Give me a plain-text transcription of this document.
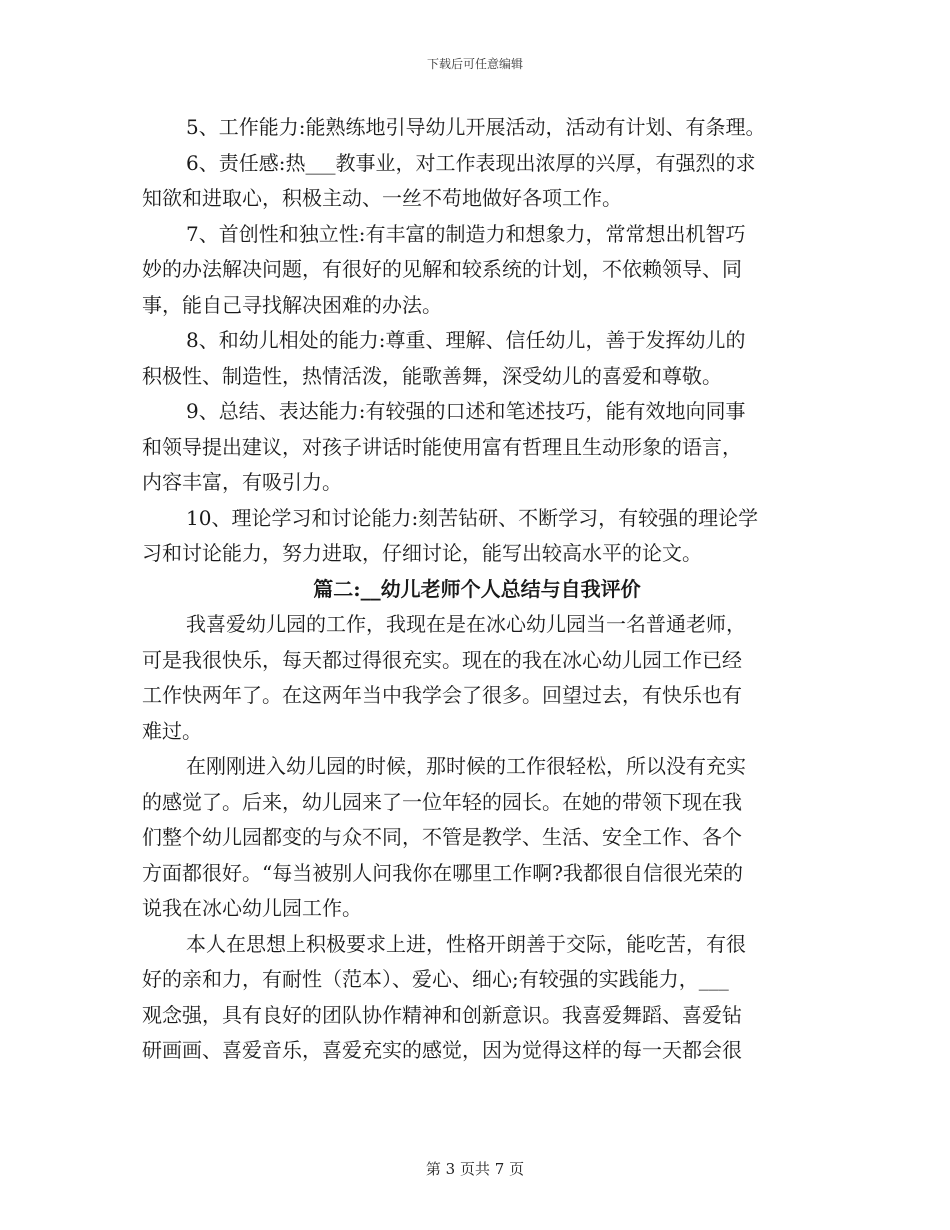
下载后可任意编辑
5、工作能力:能熟练地引导幼儿开展活动，活动有计划、有条理。
6、责任感:热___教事业，对工作表现出浓厚的兴厚，有强烈的求
知欲和进取心，积极主动、一丝不苟地做好各项工作。
7、首创性和独立性:有丰富的制造力和想象力，常常想出机智巧
妙的办法解决问题，有很好的见解和较系统的计划，不依赖领导、同
事，能自己寻找解决困难的办法。
8、和幼儿相处的能力:尊重、理解、信任幼儿，善于发挥幼儿的
积极性、制造性，热情活泼，能歌善舞，深受幼儿的喜爱和尊敬。
9、总结、表达能力:有较强的口述和笔述技巧，能有效地向同事
和领导提出建议，对孩子讲话时能使用富有哲理且生动形象的语言，
内容丰富，有吸引力。
10、理论学习和讨论能力:刻苦钻研、不断学习，有较强的理论学
习和讨论能力，努力进取，仔细讨论，能写出较高水平的论文。
篇二:__幼儿老师个人总结与自我评价
我喜爱幼儿园的工作，我现在是在冰心幼儿园当一名普通老师，
可是我很快乐，每天都过得很充实。现在的我在冰心幼儿园工作已经
工作快两年了。在这两年当中我学会了很多。回望过去，有快乐也有
难过。
在刚刚进入幼儿园的时候，那时候的工作很轻松，所以没有充实
的感觉了。后来，幼儿园来了一位年轻的园长。在她的带领下现在我
们整个幼儿园都变的与众不同，不管是教学、生活、安全工作、各个
方面都很好。“每当被别人问我你在哪里工作啊?我都很自信很光荣的
说我在冰心幼儿园工作。
本人在思想上积极要求上进，性格开朗善于交际，能吃苦，有很
好的亲和力，有耐性（范本）、爱心、细心;有较强的实践能力，___
观念强，具有良好的团队协作精神和创新意识。我喜爱舞蹈、喜爱钻
研画画、喜爱音乐，喜爱充实的感觉，因为觉得这样的每一天都会很
第 3 页共 7 页
